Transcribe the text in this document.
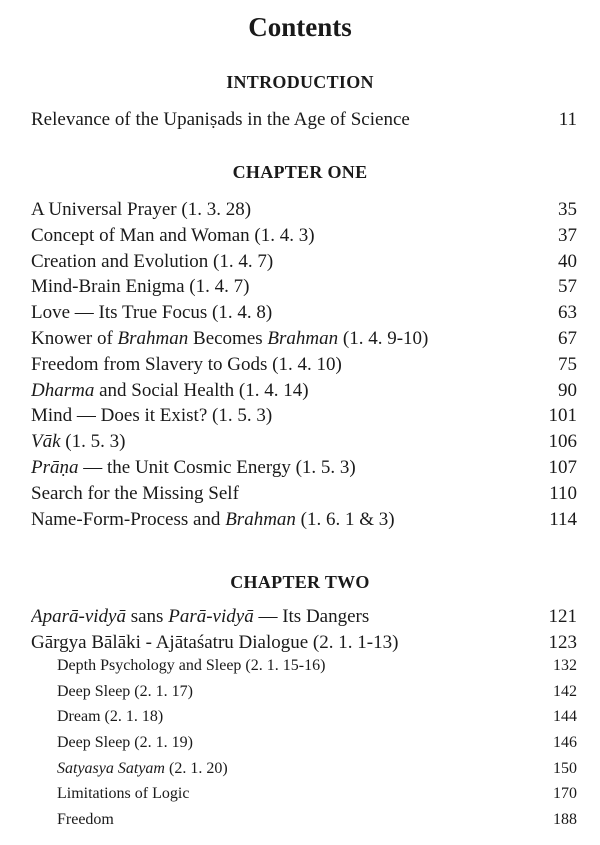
Contents
INTRODUCTION
Relevance of the Upaniṣads in the Age of Science	11
CHAPTER ONE
A Universal Prayer (1. 3. 28)	35
Concept of Man and Woman (1. 4. 3)	37
Creation and Evolution (1. 4. 7)	40
Mind-Brain Enigma (1. 4. 7)	57
Love — Its True Focus (1. 4. 8)	63
Knower of Brahman Becomes Brahman (1. 4. 9-10)	67
Freedom from Slavery to Gods (1. 4. 10)	75
Dharma and Social Health (1. 4. 14)	90
Mind — Does it Exist? (1. 5. 3)	101
Vāk (1. 5. 3)	106
Prāṇa — the Unit Cosmic Energy (1. 5. 3)	107
Search for the Missing Self	110
Name-Form-Process and Brahman (1. 6. 1 & 3)	114
CHAPTER TWO
Aparā-vidyā sans Parā-vidyā — Its Dangers	121
Gārgya Bālāki - Ajātaśatru Dialogue (2. 1. 1-13)	123
Depth Psychology and Sleep (2. 1. 15-16)	132
Deep Sleep (2. 1. 17)	142
Dream (2. 1. 18)	144
Deep Sleep (2. 1. 19)	146
Satyasya Satyam (2. 1. 20)	150
Limitations of Logic	170
Freedom	188
